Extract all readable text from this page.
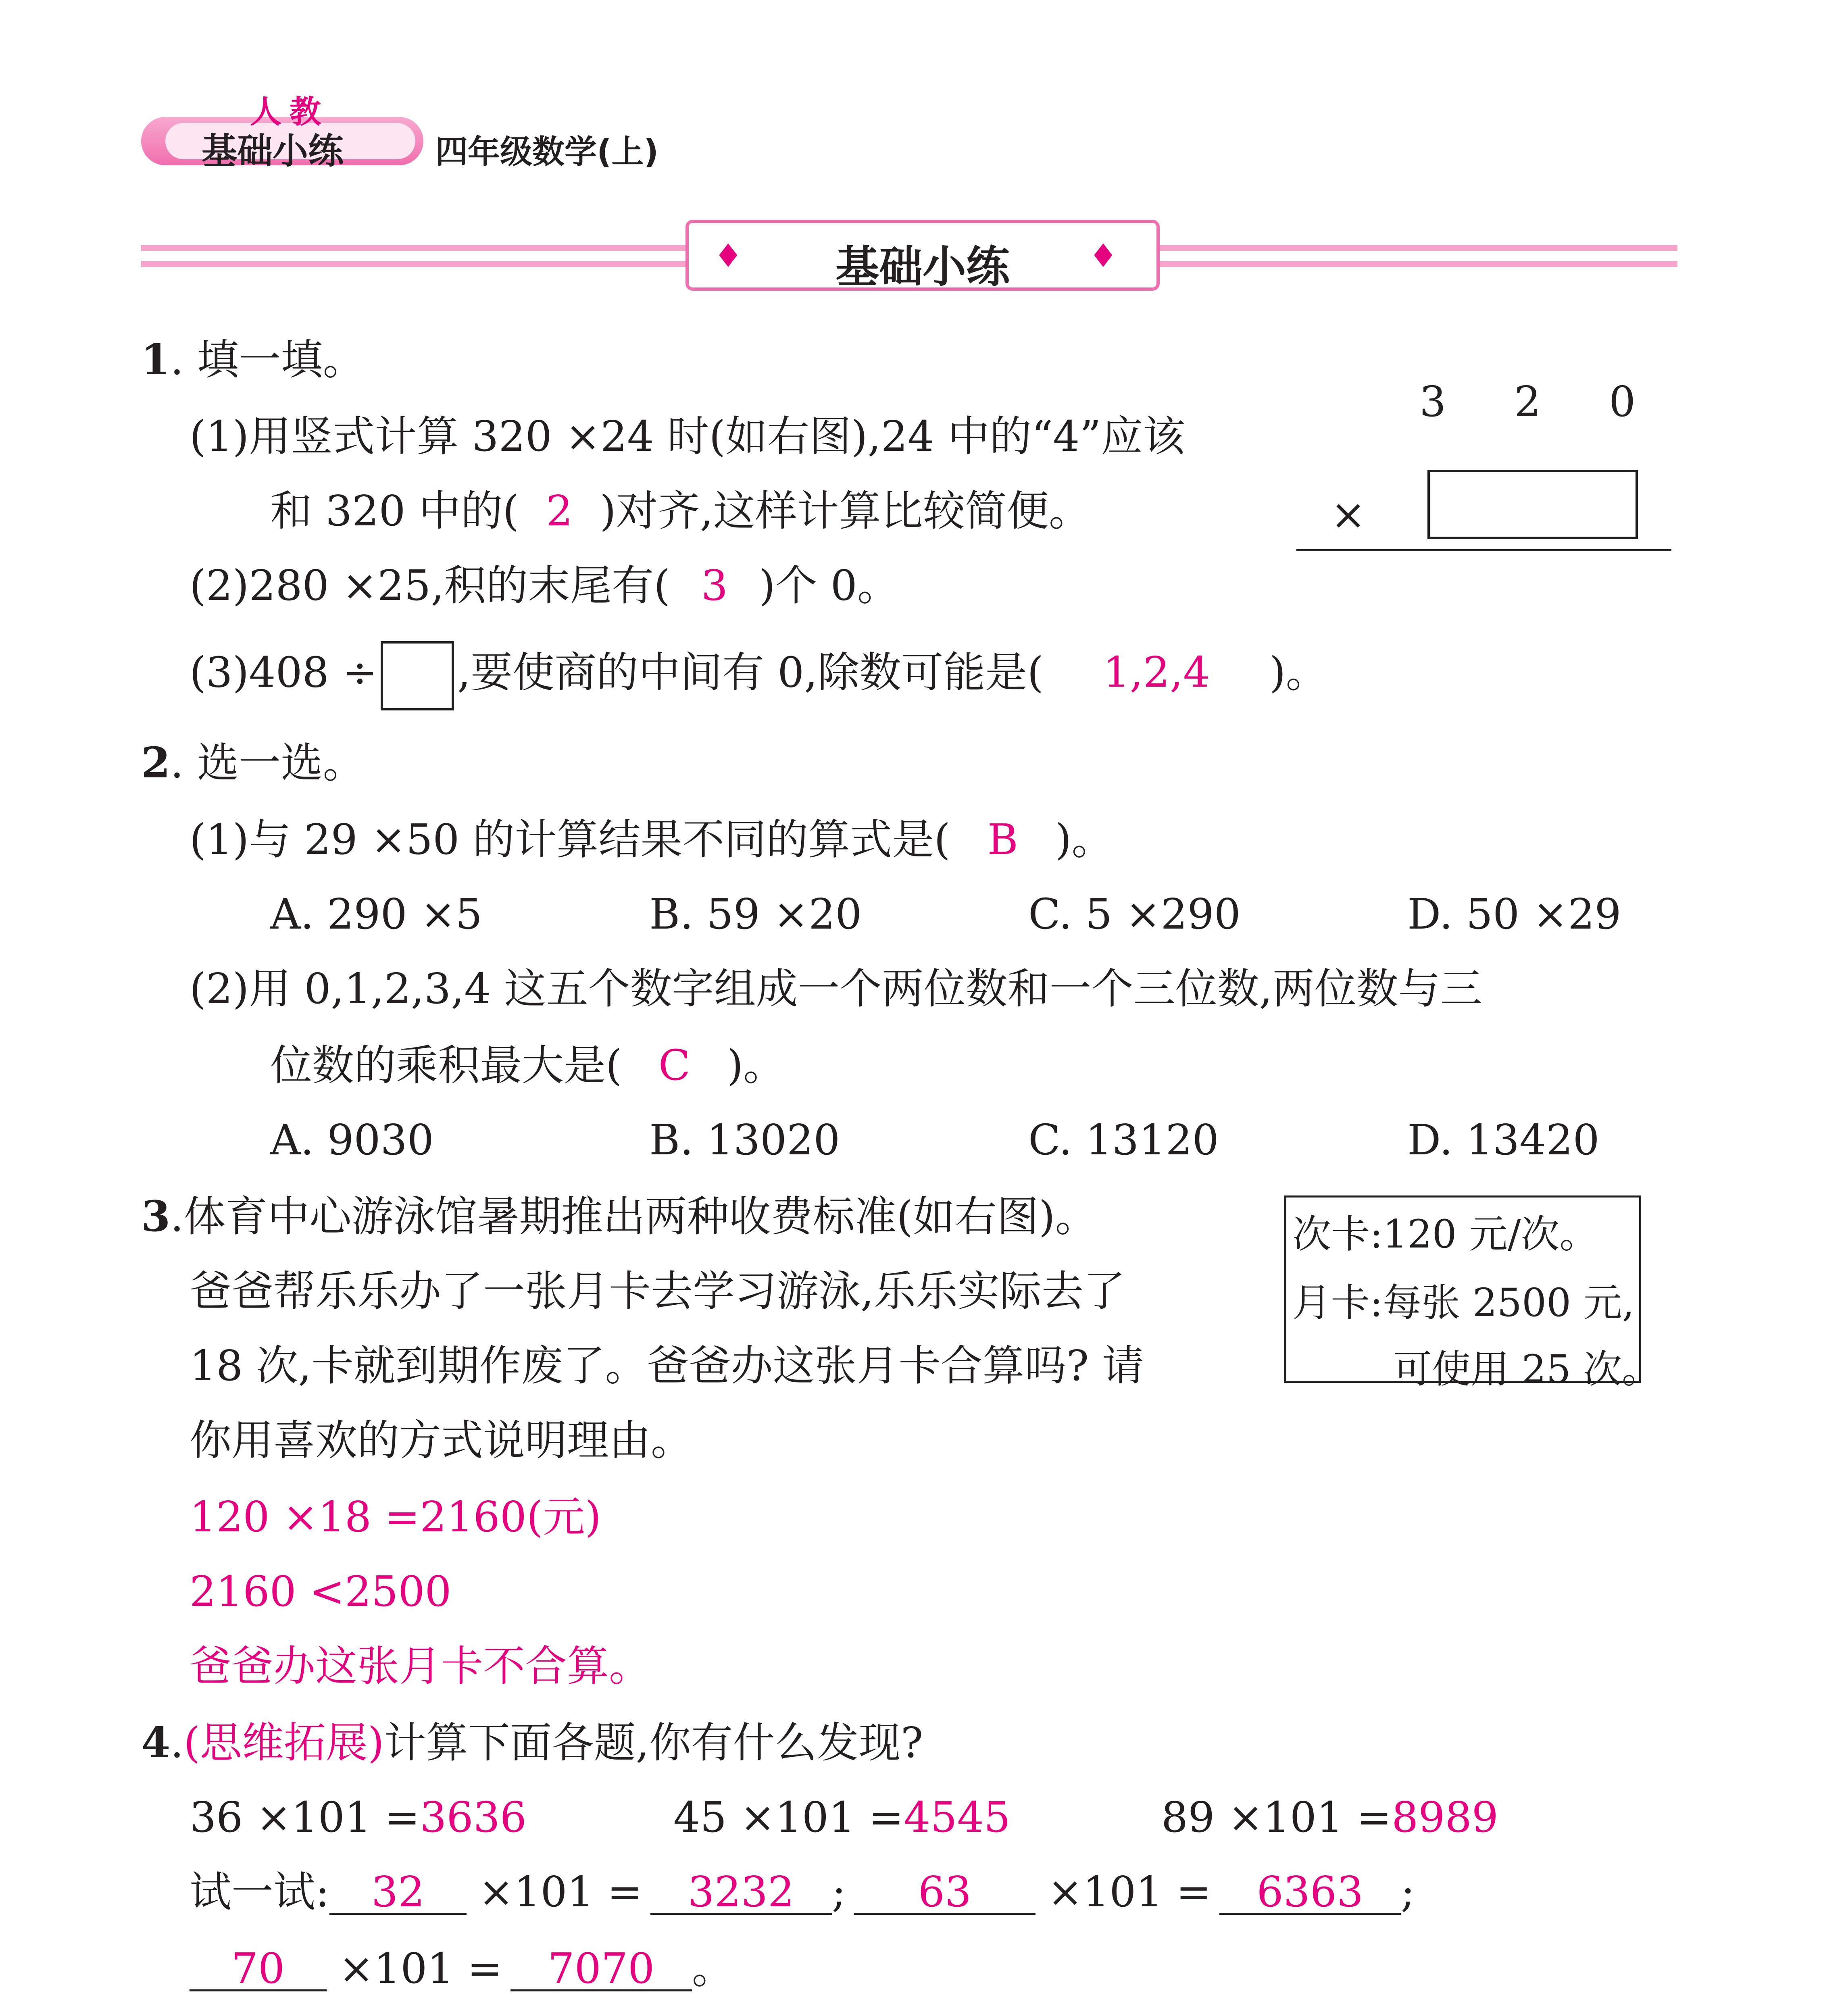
人教
基础小练	四年级数学(上)
♦	♦
基础小练
1. 填一填。
(1)用竖式计算 320 ×24 时(如右图),24 中的“4”应该
和 320 中的( 2 )对齐,这样计算比较简便。
(2)280 ×25,积的末尾有( 3 )个 0。
(3)408 ÷ ,要使商的中间有 0,除数可能是( 1,2,4 )。
3 2 0
×
2. 选一选。
(1)与 29 ×50 的计算结果不同的算式是( B )。
A. 290 ×5	B. 59 ×20	C. 5 ×290	D. 50 ×29
(2)用 0,1,2,3,4 这五个数字组成一个两位数和一个三位数,两位数与三
位数的乘积最大是( C )。
A. 9030	B. 13020	C. 13120	D. 13420
3.体育中心游泳馆暑期推出两种收费标准(如右图)。
爸爸帮乐乐办了一张月卡去学习游泳,乐乐实际去了
18 次,卡就到期作废了。爸爸办这张月卡合算吗? 请
你用喜欢的方式说明理由。
次卡:120 元/次。
月卡:每张 2500 元,
可使用 25 次。
120 ×18 =2160(元)
2160 <2500
爸爸办这张月卡不合算。
4.(思维拓展)计算下面各题,你有什么发现?
36 ×101 =3636	45 ×101 =4545	89 ×101 =8989
试一试: 32 ×101 = 3232 ; 63 ×101 = 6363 ;
70 ×101 = 7070 。
